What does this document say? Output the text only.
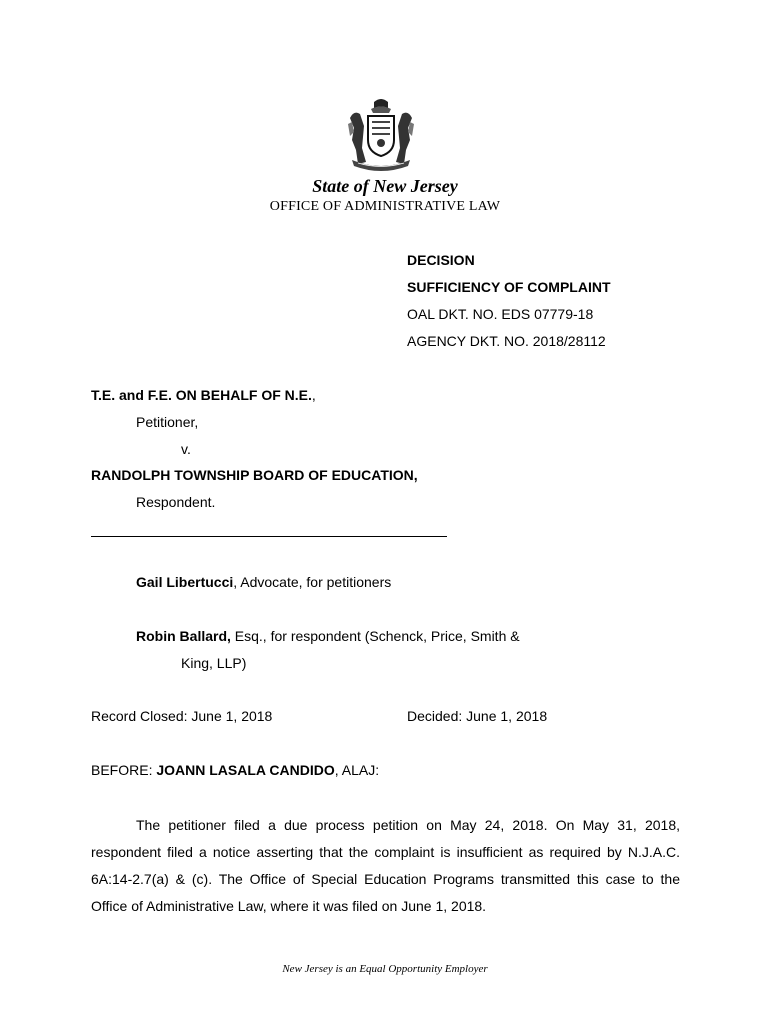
State of New Jersey
OFFICE OF ADMINISTRATIVE LAW
DECISION
SUFFICIENCY OF COMPLAINT
OAL DKT. NO. EDS 07779-18
AGENCY DKT. NO. 2018/28112
T.E. and F.E. ON BEHALF OF N.E.,
Petitioner,
v.
RANDOLPH TOWNSHIP BOARD OF EDUCATION,
Respondent.
Gail Libertucci, Advocate, for petitioners
Robin Ballard, Esq., for respondent (Schenck, Price, Smith &
King, LLP)
Record Closed: June 1, 2018	Decided: June 1, 2018
BEFORE: JOANN LASALA CANDIDO, ALAJ:
The petitioner filed a due process petition on May 24, 2018. On May 31, 2018, respondent filed a notice asserting that the complaint is insufficient as required by N.J.A.C. 6A:14-2.7(a) & (c). The Office of Special Education Programs transmitted this case to the Office of Administrative Law, where it was filed on June 1, 2018.
New Jersey is an Equal Opportunity Employer
